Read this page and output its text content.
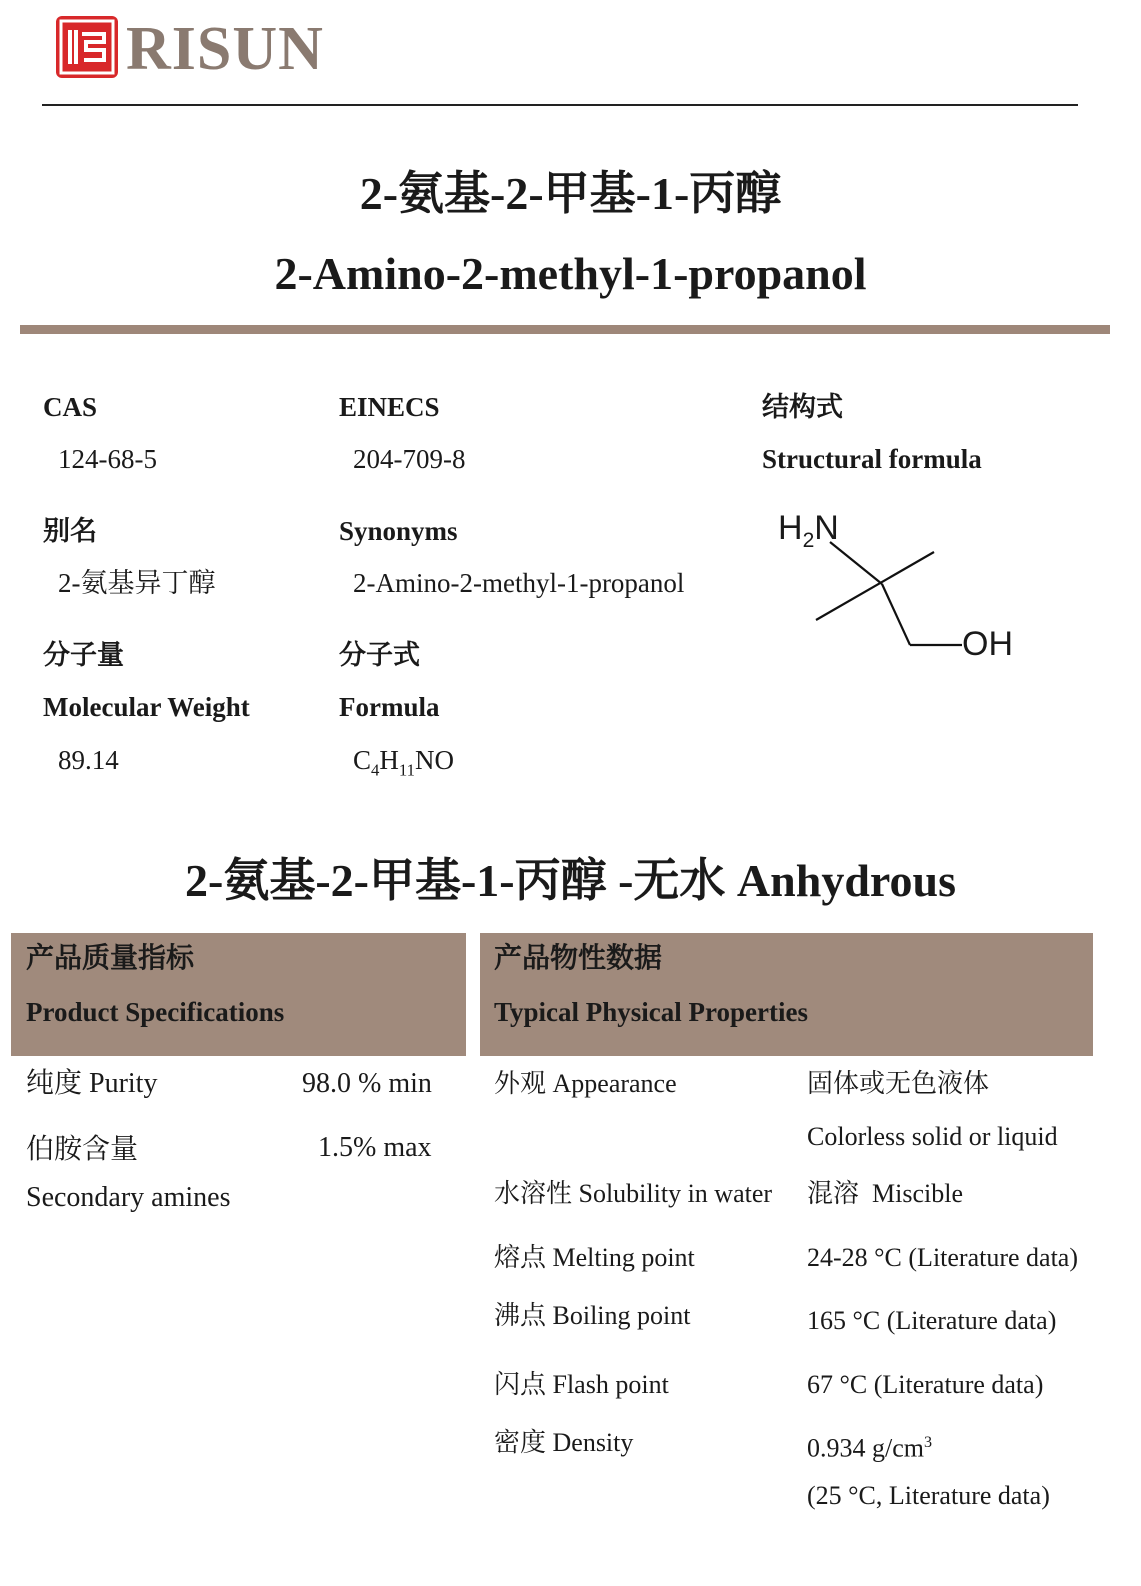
RISUN
2-氨基-2-甲基-1-丙醇
2-Amino-2-methyl-1-propanol
CAS
124-68-5
EINECS
204-709-8
结构式
Structural formula
别名
2-氨基异丁醇
Synonyms
2-Amino-2-methyl-1-propanol
分子量
Molecular Weight
89.14
分子式
Formula
$C_4H_{11}NO$
$H_2N$
OH
2-氨基-2-甲基-1-丙醇 -无水 Anhydrous
产品质量指标
Product Specifications
纯度 Purity	98.0 % min
伯胺含量	1.5% max
Secondary amines
产品物性数据
Typical Physical Properties
外观 Appearance	固体或无色液体
Colorless solid or liquid
水溶性 Solubility in water 混溶  Miscible
熔点 Melting point	24-28 °C (Literature data)
沸点 Boiling point	165 °C (Literature data)
闪点 Flash point	67 °C (Literature data)
密度 Density	0.934 $g/cm^3$
(25 °C, Literature data)
